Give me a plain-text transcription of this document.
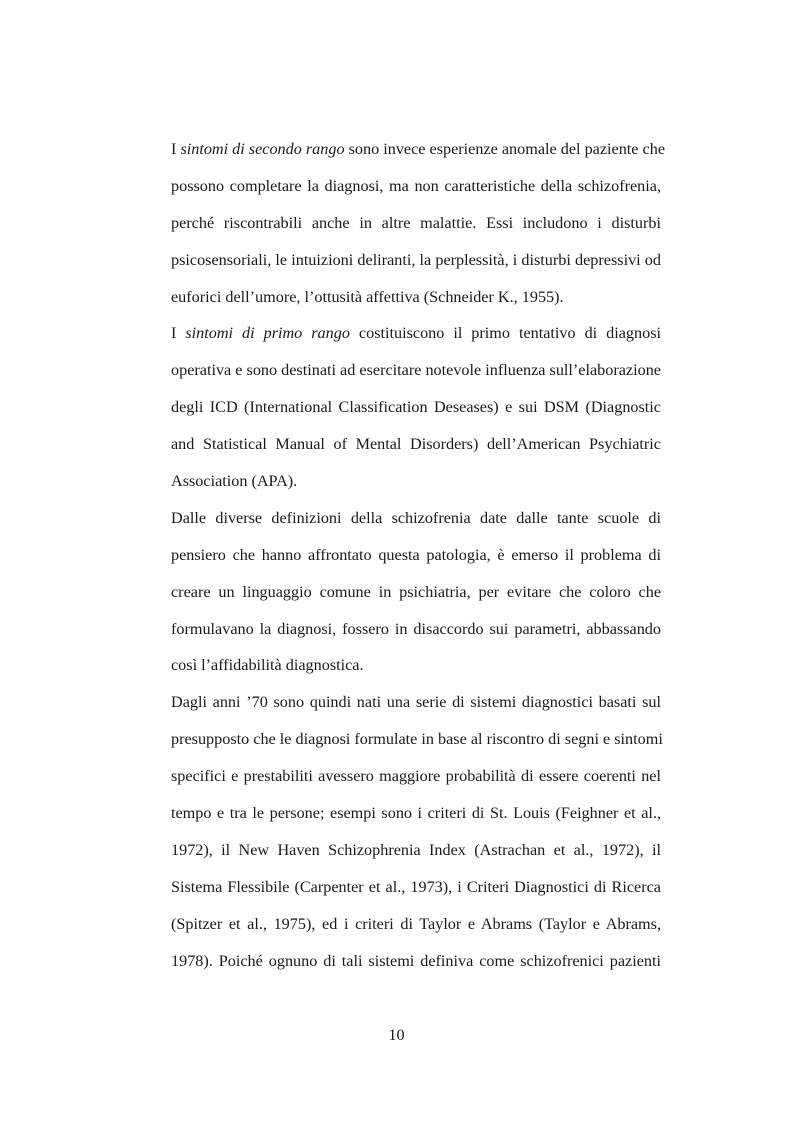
I sintomi di secondo rango sono invece esperienze anomale del paziente che
possono completare la diagnosi, ma non caratteristiche della schizofrenia,
perché riscontrabili anche in altre malattie. Essi includono i disturbi
psicosensoriali, le intuizioni deliranti, la perplessità, i disturbi depressivi od
euforici dell’umore, l’ottusità affettiva (Schneider K., 1955).
I sintomi di primo rango costituiscono il primo tentativo di diagnosi
operativa e sono destinati ad esercitare notevole influenza sull’elaborazione
degli ICD (International Classification Deseases) e sui DSM (Diagnostic
and Statistical Manual of Mental Disorders) dell’American Psychiatric
Association (APA).
Dalle diverse definizioni della schizofrenia date dalle tante scuole di
pensiero che hanno affrontato questa patologia, è emerso il problema di
creare un linguaggio comune in psichiatria, per evitare che coloro che
formulavano la diagnosi, fossero in disaccordo sui parametri, abbassando
così l’affidabilità diagnostica.
Dagli anni ’70 sono quindi nati una serie di sistemi diagnostici basati sul
presupposto che le diagnosi formulate in base al riscontro di segni e sintomi
specifici e prestabiliti avessero maggiore probabilità di essere coerenti nel
tempo e tra le persone; esempi sono i criteri di St. Louis (Feighner et al.,
1972), il New Haven Schizophrenia Index (Astrachan et al., 1972), il
Sistema Flessibile (Carpenter et al., 1973), i Criteri Diagnostici di Ricerca
(Spitzer et al., 1975), ed i criteri di Taylor e Abrams (Taylor e Abrams,
1978). Poiché ognuno di tali sistemi definiva come schizofrenici pazienti
10
